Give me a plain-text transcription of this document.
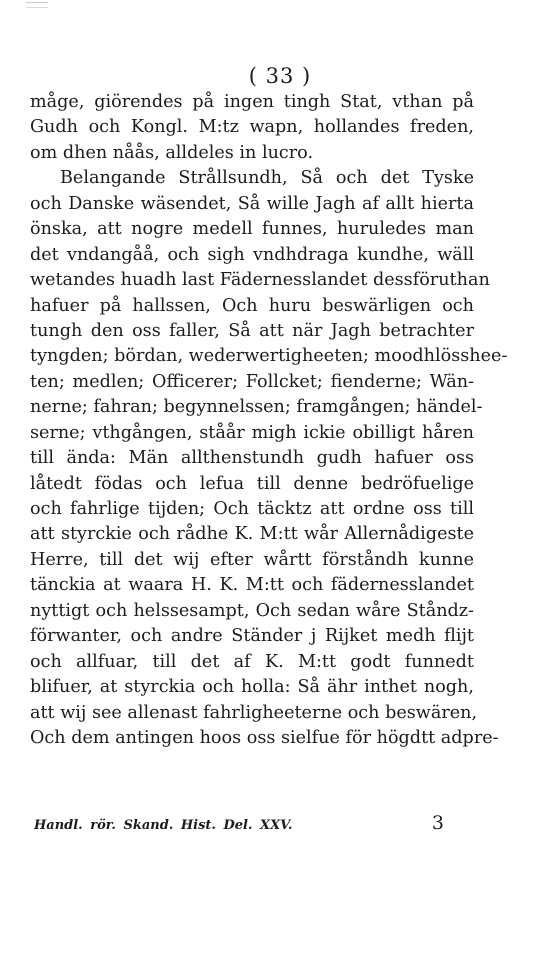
( 33 )
måge, giörendes på ingen tingh Stat, vthan på
Gudh och Kongl. M:tz wapn, hollandes freden,
om dhen nåås, alldeles in lucro.
Belangande Strållsundh, Så och det Tyske
och Danske wäsendet, Så wille Jagh af allt hierta
önska, att nogre medell funnes, huruledes man
det vndangåå, och sigh vndhdraga kundhe, wäll
wetandes huadh last Fädernesslandet dessföruthan
hafuer på hallssen, Och huru beswärligen och
tungh den oss faller, Så att när Jagh betrachter
tyngden; bördan, wederwertigheeten; moodhlösshee-
ten; medlen; Officerer; Follcket; fienderne; Wän-
nerne; fahran; begynnelssen; framgången; händel-
serne; vthgången, ståår migh ickie obilligt håren
till ända: Män allthenstundh gudh hafuer oss
låtedt födas och lefua till denne bedröfuelige
och fahrlige tijden; Och täcktz att ordne oss till
att styrckie och rådhe K. M:tt wår Allernådigeste
Herre, till det wij efter wårtt förståndh kunne
tänckia at waara H. K. M:tt och fädernesslandet
nyttigt och helssesampt, Och sedan wåre Ståndz-
förwanter, och andre Ständer j Rijket medh flijt
och allfuar, till det af K. M:tt godt funnedt
blifuer, at styrckia och holla: Så ähr inthet nogh,
att wij see allenast fahrligheeterne och beswären,
Och dem antingen hoos oss sielfue för högdtt adpre-
Handl. rör. Skand. Hist. Del. XXV.	3
